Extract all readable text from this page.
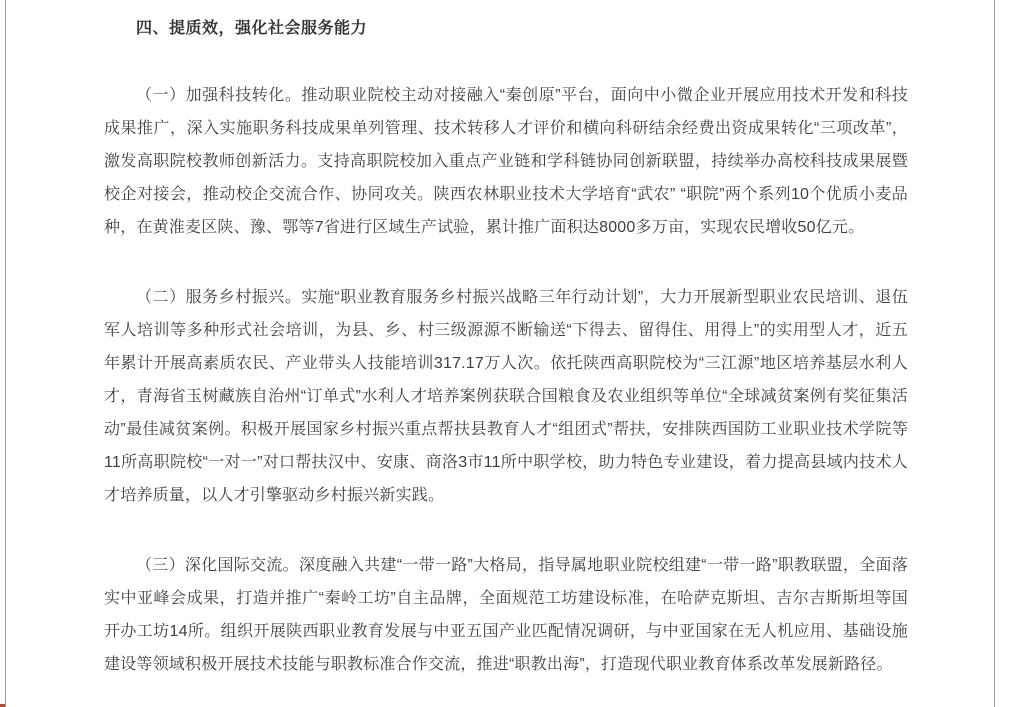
四、提质效，强化社会服务能力

（一）加强科技转化。推动职业院校主动对接融入“秦创原”平台，面向中小微企业开展应用技术开发和科技成果推广，深入实施职务科技成果单列管理、技术转移人才评价和横向科研结余经费出资成果转化“三项改革”，激发高职院校教师创新活力。支持高职院校加入重点产业链和学科链协同创新联盟，持续举办高校科技成果展暨校企对接会，推动校企交流合作、协同攻关。陕西农林职业技术大学培育“武农” “职院”两个系列10个优质小麦品种，在黄淮麦区陕、豫、鄂等7省进行区域生产试验，累计推广面积达8000多万亩，实现农民增收50亿元。

（二）服务乡村振兴。实施“职业教育服务乡村振兴战略三年行动计划”，大力开展新型职业农民培训、退伍军人培训等多种形式社会培训，为县、乡、村三级源源不断输送“下得去、留得住、用得上”的实用型人才，近五年累计开展高素质农民、产业带头人技能培训317.17万人次。依托陕西高职院校为“三江源”地区培养基层水利人才，青海省玉树藏族自治州“订单式”水利人才培养案例获联合国粮食及农业组织等单位“全球减贫案例有奖征集活动”最佳减贫案例。积极开展国家乡村振兴重点帮扶县教育人才“组团式”帮扶，安排陕西国防工业职业技术学院等11所高职院校“一对一”对口帮扶汉中、安康、商洛3市11所中职学校，助力特色专业建设，着力提高县域内技术人才培养质量，以人才引擎驱动乡村振兴新实践。

（三）深化国际交流。深度融入共建“一带一路”大格局，指导属地职业院校组建“一带一路”职教联盟，全面落实中亚峰会成果，打造并推广“秦岭工坊”自主品牌，全面规范工坊建设标准，在哈萨克斯坦、吉尔吉斯斯坦等国开办工坊14所。组织开展陕西职业教育发展与中亚五国产业匹配情况调研，与中亚国家在无人机应用、基础设施建设等领域积极开展技术技能与职教标准合作交流，推进“职教出海”，打造现代职业教育体系改革发展新路径。
